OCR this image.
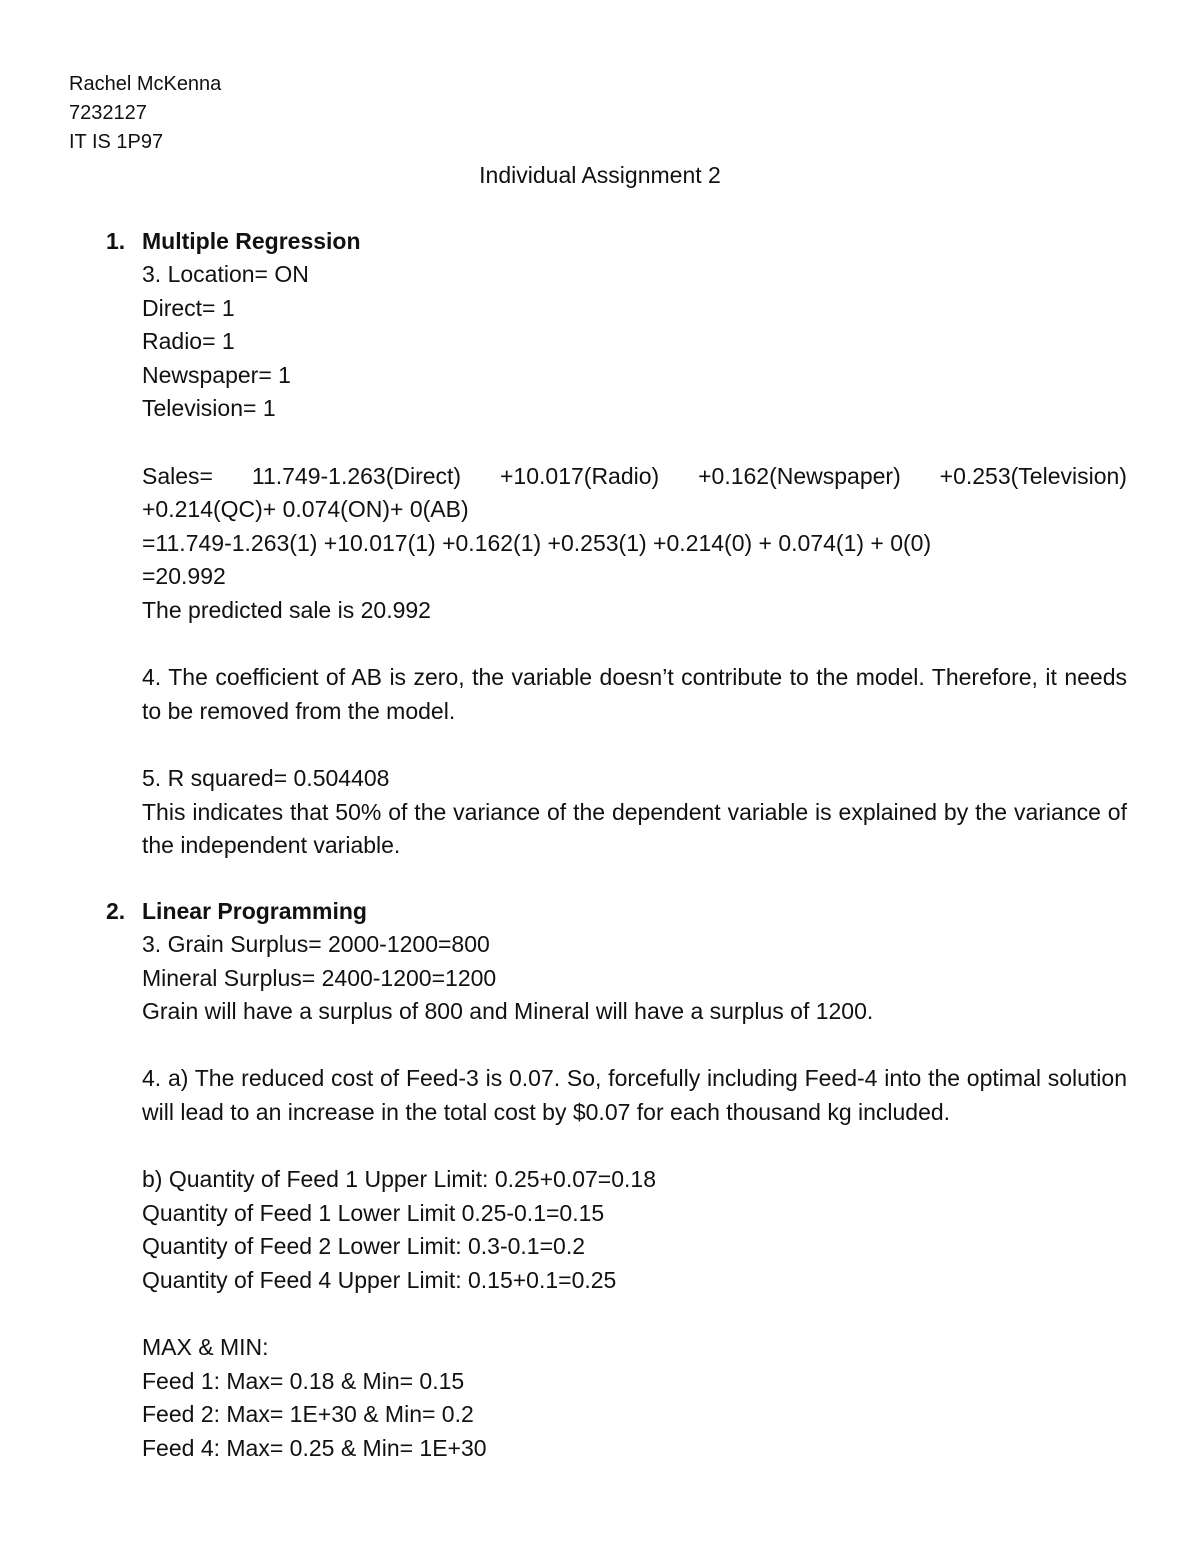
Rachel McKenna
7232127
IT IS 1P97
Individual Assignment 2
1. Multiple Regression
3. Location= ON
Direct= 1
Radio= 1
Newspaper= 1
Television= 1
Sales= 11.749-1.263(Direct) +10.017(Radio) +0.162(Newspaper) +0.253(Television)
+0.214(QC)+ 0.074(ON)+ 0(AB)
=11.749-1.263(1) +10.017(1) +0.162(1) +0.253(1) +0.214(0) + 0.074(1) + 0(0)
=20.992
The predicted sale is 20.992
4. The coefficient of AB is zero, the variable doesn’t contribute to the model. Therefore, it needs to be removed from the model.
5. R squared= 0.504408
This indicates that 50% of the variance of the dependent variable is explained by the variance of the independent variable.
2. Linear Programming
3. Grain Surplus= 2000-1200=800
Mineral Surplus= 2400-1200=1200
Grain will have a surplus of 800 and Mineral will have a surplus of 1200.
4. a) The reduced cost of Feed-3 is 0.07. So, forcefully including Feed-4 into the optimal solution will lead to an increase in the total cost by $0.07 for each thousand kg included.
b) Quantity of Feed 1 Upper Limit: 0.25+0.07=0.18
Quantity of Feed 1 Lower Limit 0.25-0.1=0.15
Quantity of Feed 2 Lower Limit: 0.3-0.1=0.2
Quantity of Feed 4 Upper Limit: 0.15+0.1=0.25
MAX & MIN:
Feed 1: Max= 0.18 & Min= 0.15
Feed 2: Max= 1E+30 & Min= 0.2
Feed 4: Max= 0.25 & Min= 1E+30
